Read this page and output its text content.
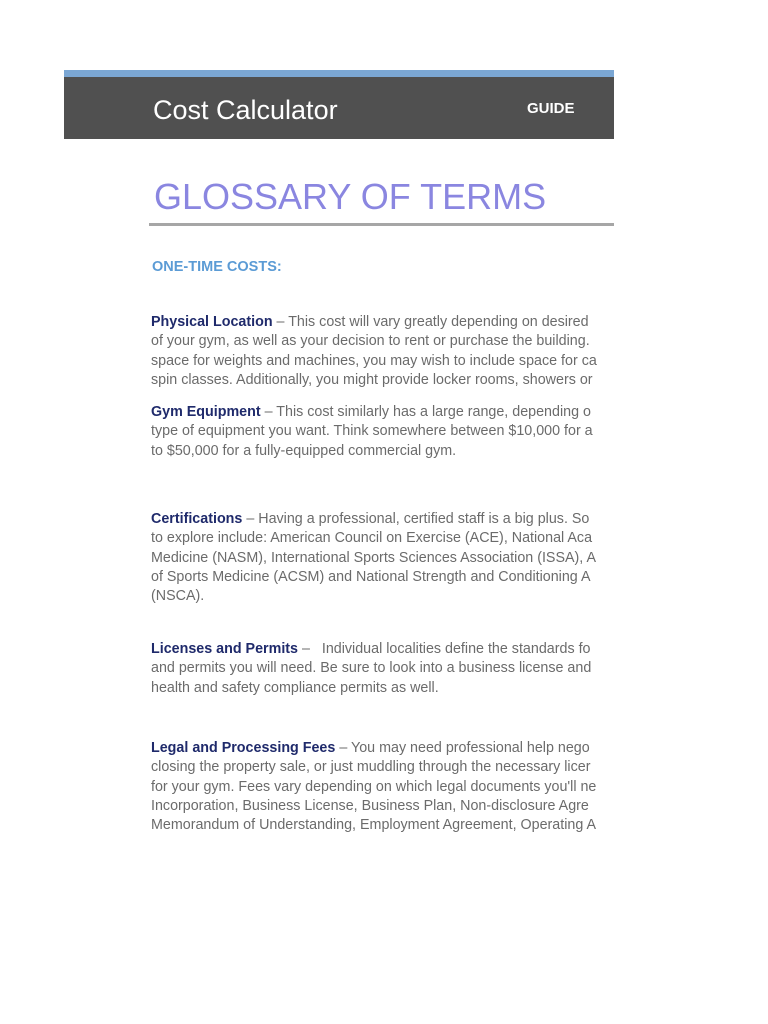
Cost Calculator	GUIDE
GLOSSARY OF TERMS
ONE-TIME COSTS:
Physical Location – This cost will vary greatly depending on desired
of your gym, as well as your decision to rent or purchase the building.
space for weights and machines, you may wish to include space for ca
spin classes. Additionally, you might provide locker rooms, showers or
Gym Equipment – This cost similarly has a large range, depending o
type of equipment you want. Think somewhere between $10,000 for a
to $50,000 for a fully-equipped commercial gym.
Certifications – Having a professional, certified staff is a big plus. So
to explore include: American Council on Exercise (ACE), National Aca
Medicine (NASM), International Sports Sciences Association (ISSA), A
of Sports Medicine (ACSM) and National Strength and Conditioning A
(NSCA).
Licenses and Permits –   Individual localities define the standards fo
and permits you will need. Be sure to look into a business license and
health and safety compliance permits as well.
Legal and Processing Fees – You may need professional help nego
closing the property sale, or just muddling through the necessary licer
for your gym. Fees vary depending on which legal documents you'll ne
Incorporation, Business License, Business Plan, Non-disclosure Agre
Memorandum of Understanding, Employment Agreement, Operating A
